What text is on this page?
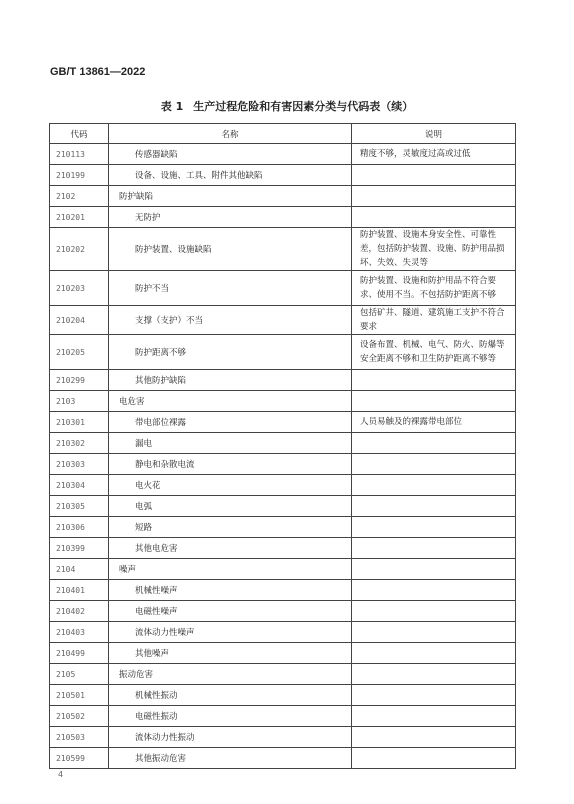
GB/T 13861—2022
表 1 生产过程危险和有害因素分类与代码表（续）
代码	名称	说明
210113	传感器缺陷	精度不够，灵敏度过高或过低
210199	设备、设施、工具、附件其他缺陷	
2102	防护缺陷	
210201	无防护	
210202	防护装置、设施缺陷	防护装置、设施本身安全性、可靠性差，包括防护装置、设施、防护用品损坏、失效、失灵等
210203	防护不当	防护装置、设施和防护用品不符合要求、使用不当。不包括防护距离不够
210204	支撑（支护）不当	包括矿井、隧道、建筑施工支护不符合要求
210205	防护距离不够	设备布置、机械、电气、防火、防爆等安全距离不够和卫生防护距离不够等
210299	其他防护缺陷	
2103	电危害	
210301	带电部位裸露	人员易触及的裸露带电部位
210302	漏电	
210303	静电和杂散电流	
210304	电火花	
210305	电弧	
210306	短路	
210399	其他电危害	
2104	噪声	
210401	机械性噪声	
210402	电磁性噪声	
210403	流体动力性噪声	
210499	其他噪声	
2105	振动危害	
210501	机械性振动	
210502	电磁性振动	
210503	流体动力性振动	
210599	其他振动危害	
4
